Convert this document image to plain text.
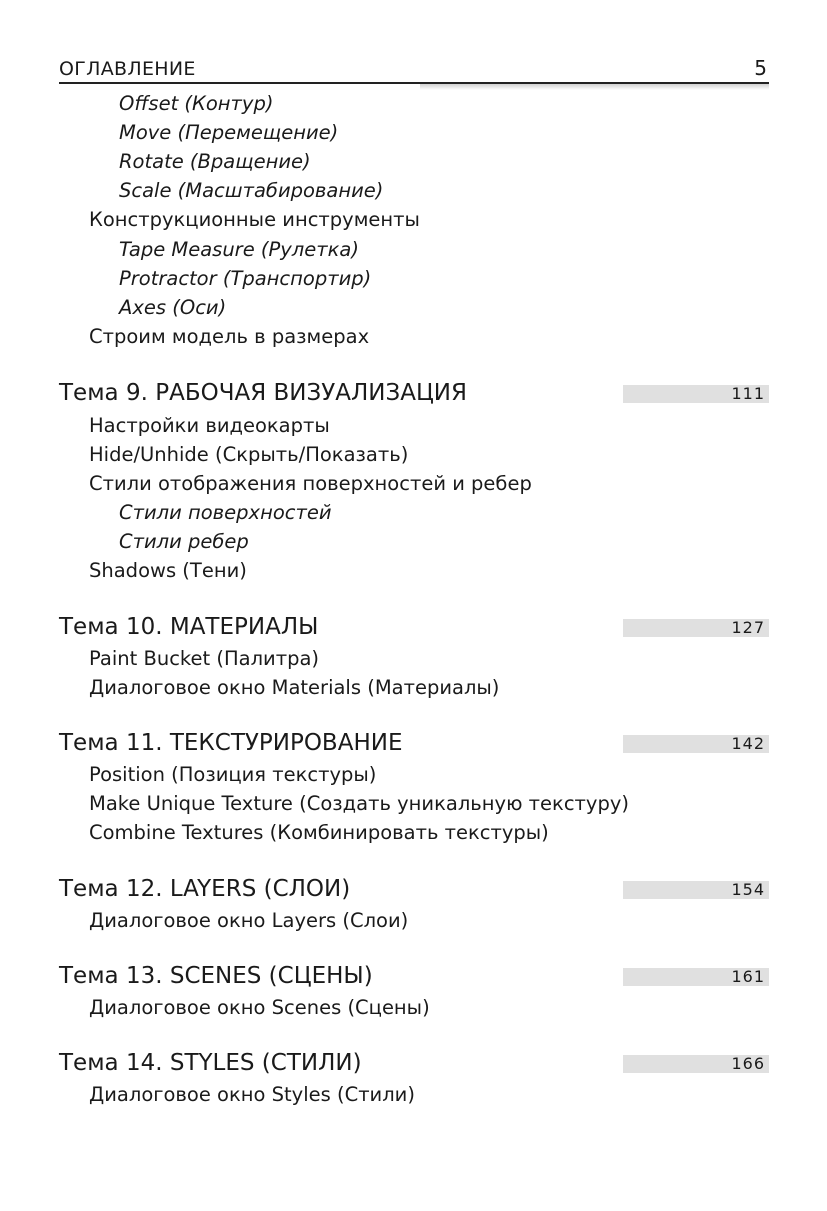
ОГЛАВЛЕНИЕ	5
Offset (Контур)
Move (Перемещение)
Rotate (Вращение)
Scale (Масштабирование)
Конструкционные инструменты
Tape Measure (Рулетка)
Protractor (Транспортир)
Axes (Оси)
Строим модель в размерах
Тема 9. РАБОЧАЯ ВИЗУАЛИЗАЦИЯ	111
Настройки видеокарты
Hide/Unhide (Скрыть/Показать)
Стили отображения поверхностей и ребер
Стили поверхностей
Стили ребер
Shadows (Тени)
Тема 10. МАТЕРИАЛЫ	127
Paint Bucket (Палитра)
Диалоговое окно Materials (Материалы)
Тема 11. ТЕКСТУРИРОВАНИЕ	142
Position (Позиция текстуры)
Make Unique Texture (Создать уникальную текстуру)
Combine Textures (Комбинировать текстуры)
Тема 12. LAYERS (СЛОИ)	154
Диалоговое окно Layers (Слои)
Тема 13. SCENES (СЦЕНЫ)	161
Диалоговое окно Scenes (Сцены)
Тема 14. STYLES (СТИЛИ)	166
Диалоговое окно Styles (Стили)
